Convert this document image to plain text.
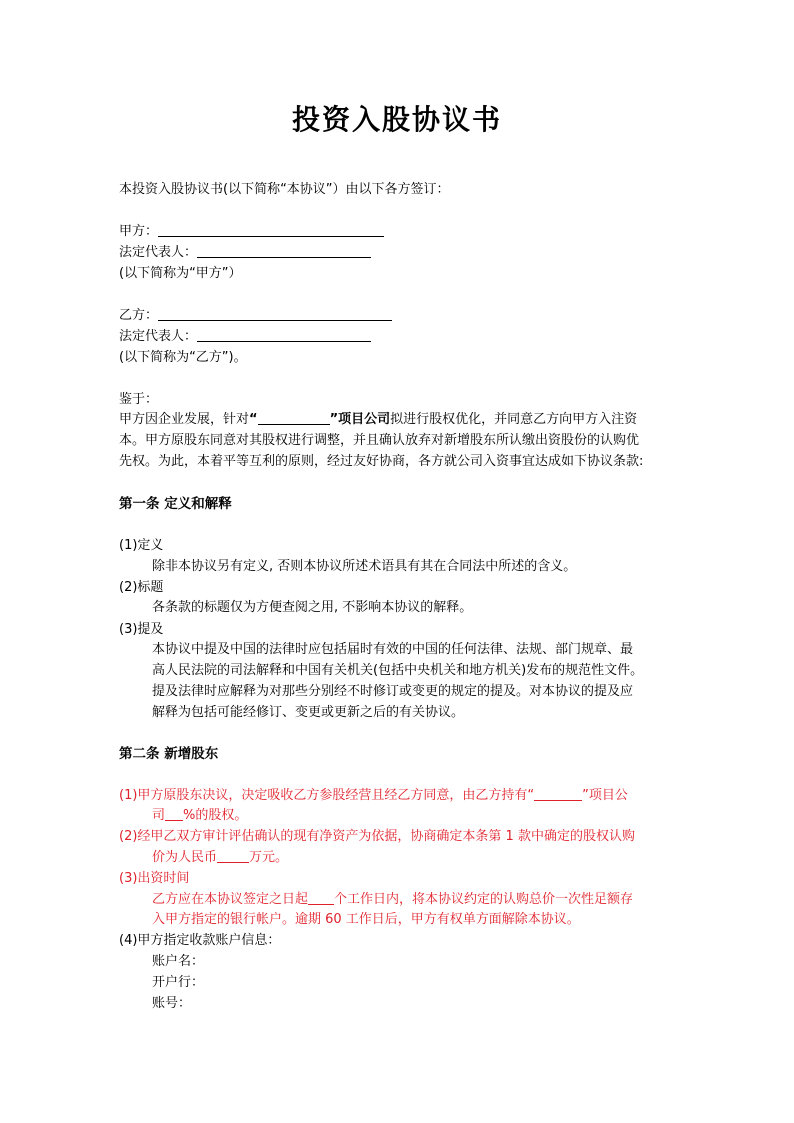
投资入股协议书
本投资入股协议书(以下简称“本协议”）由以下各方签订：
甲方：
法定代表人：
(以下简称为“甲方”）
乙方：
法定代表人：
(以下简称为“乙方”)。
鉴于：
甲方因企业发展，针对“	”项目公司拟进行股权优化，并同意乙方向甲方入注资
本。甲方原股东同意对其股权进行调整，并且确认放弃对新增股东所认缴出资股份的认购优
先权。为此，本着平等互利的原则，经过友好协商，各方就公司入资事宜达成如下协议条款:
第一条 定义和解释
(1)定义
除非本协议另有定义, 否则本协议所述术语具有其在合同法中所述的含义。
(2)标题
各条款的标题仅为方便查阅之用, 不影响本协议的解释。
(3)提及
本协议中提及中国的法律时应包括届时有效的中国的任何法律、法规、部门规章、最
高人民法院的司法解释和中国有关机关(包括中央机关和地方机关)发布的规范性文件。
提及法律时应解释为对那些分别经不时修订或变更的规定的提及。对本协议的提及应
解释为包括可能经修订、变更或更新之后的有关协议。
第二条 新增股东
(1)甲方原股东决议，决定吸收乙方参股经营且经乙方同意，由乙方持有“	”项目公
司 %的股权。
(2)经甲乙双方审计评估确认的现有净资产为依据，协商确定本条第 1 款中确定的股权认购
价为人民币 万元。
(3)出资时间
乙方应在本协议签定之日起 个工作日内，将本协议约定的认购总价一次性足额存
入甲方指定的银行帐户。逾期 60 工作日后，甲方有权单方面解除本协议。
(4)甲方指定收款账户信息：
账户名：
开户行：
账号：
